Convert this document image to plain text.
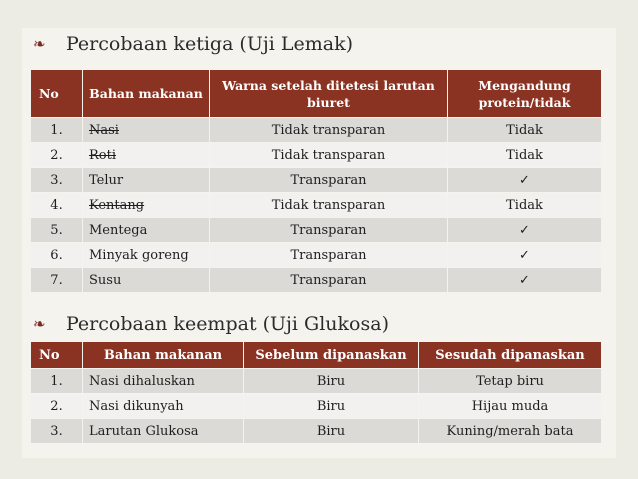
❧	Percobaan ketiga (Uji Lemak)
No	Bahan makanan	Warna setelah ditetesi larutan biuret	Mengandung protein/tidak
1.	Nasi	Tidak transparan	Tidak
2.	Roti	Tidak transparan	Tidak
3.	Telur	Transparan	✓
4.	Kentang	Tidak transparan	Tidak
5.	Mentega	Transparan	✓
6.	Minyak goreng	Transparan	✓
7.	Susu	Transparan	✓
❧	Percobaan keempat (Uji Glukosa)
No	Bahan makanan	Sebelum dipanaskan	Sesudah dipanaskan
1.	Nasi dihaluskan	Biru	Tetap biru
2.	Nasi dikunyah	Biru	Hijau muda
3.	Larutan Glukosa	Biru	Kuning/merah bata
